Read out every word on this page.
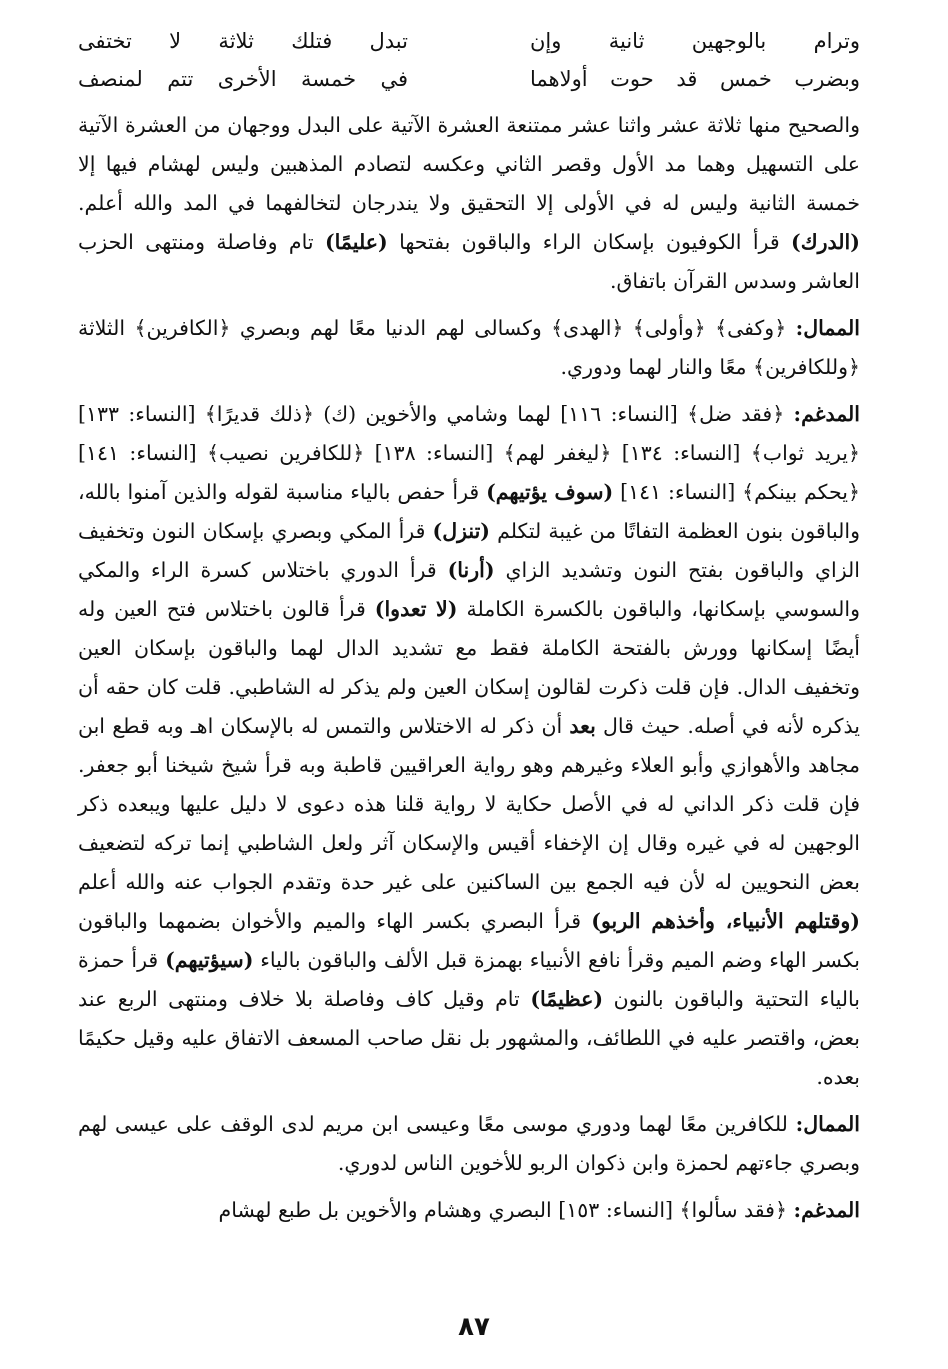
وترام بالوجهين ثانية وإن
تبدل فتلك ثلاثة لا تختفى
وبضرب خمس قد حوت أولاهما
في خمسة الأخرى تتم لمنصف

والصحيح منها ثلاثة عشر واثنا عشر ممتنعة العشرة الآتية على البدل ووجهان من العشرة الآتية على التسهيل وهما مد الأول وقصر الثاني وعكسه لتصادم المذهبين وليس لهشام فيها إلا خمسة الثانية وليس له في الأولى إلا التحقيق ولا يندرجان لتخالفهما في المد والله أعلم. (الدرك) قرأ الكوفيون بإسكان الراء والباقون بفتحها (عليمًا) تام وفاصلة ومنتهى الحزب العاشر وسدس القرآن باتفاق.

الممال: ﴿وكفى﴾ ﴿وأولى﴾ ﴿الهدى﴾ وكسالى لهم الدنيا معًا لهم وبصري ﴿الكافرين﴾ الثلاثة ﴿وللكافرين﴾ معًا والنار لهما ودوري.

المدغم: ﴿فقد ضل﴾ [النساء: ١١٦] لهما وشامي والأخوين (ك) ﴿ذلك قديرًا﴾ [النساء: ١٣٣] ﴿يريد ثواب﴾ [النساء: ١٣٤] ﴿ليغفر لهم﴾ [النساء: ١٣٨] ﴿للكافرين نصيب﴾ [النساء: ١٤١] ﴿يحكم بينكم﴾ [النساء: ١٤١] (سوف يؤتيهم) قرأ حفص بالياء مناسبة لقوله والذين آمنوا بالله، والباقون بنون العظمة التفاتًا من غيبة لتكلم (تنزل) قرأ المكي وبصري بإسكان النون وتخفيف الزاي والباقون بفتح النون وتشديد الزاي (أرنا) قرأ الدوري باختلاس كسرة الراء والمكي والسوسي بإسكانها، والباقون بالكسرة الكاملة (لا تعدوا) قرأ قالون باختلاس فتح العين وله أيضًا إسكانها وورش بالفتحة الكاملة فقط مع تشديد الدال لهما والباقون بإسكان العين وتخفيف الدال. فإن قلت ذكرت لقالون إسكان العين ولم يذكر له الشاطبي. قلت كان حقه أن يذكره لأنه في أصله. حيث قال بعد أن ذكر له الاختلاس والتمس له بالإسكان اهـ وبه قطع ابن مجاهد والأهوازي وأبو العلاء وغيرهم وهو رواية العراقيين قاطبة وبه قرأ شيخ شيخنا أبو جعفر. فإن قلت ذكر الداني له في الأصل حكاية لا رواية قلنا هذه دعوى لا دليل عليها ويبعده ذكر الوجهين له في غيره وقال إن الإخفاء أقيس والإسكان آثر ولعل الشاطبي إنما تركه لتضعيف بعض النحويين له لأن فيه الجمع بين الساكنين على غير حدة وتقدم الجواب عنه والله أعلم (وقتلهم الأنبياء، وأخذهم الربو) قرأ البصري بكسر الهاء والميم والأخوان بضمهما والباقون بكسر الهاء وضم الميم وقرأ نافع الأنبياء بهمزة قبل الألف والباقون بالياء (سيؤتيهم) قرأ حمزة بالياء التحتية والباقون بالنون (عظيمًا) تام وقيل كاف وفاصلة بلا خلاف ومنتهى الربع عند بعض، واقتصر عليه في اللطائف، والمشهور بل نقل صاحب المسعف الاتفاق عليه وقيل حكيمًا بعده.

الممال: للكافرين معًا لهما ودوري موسى معًا وعيسى ابن مريم لدى الوقف على عيسى لهم وبصري جاءتهم لحمزة وابن ذكوان الربو للأخوين الناس لدوري.

المدغم: ﴿فقد سألوا﴾ [النساء: ١٥٣] البصري وهشام والأخوين بل طبع لهشام

٨٧
